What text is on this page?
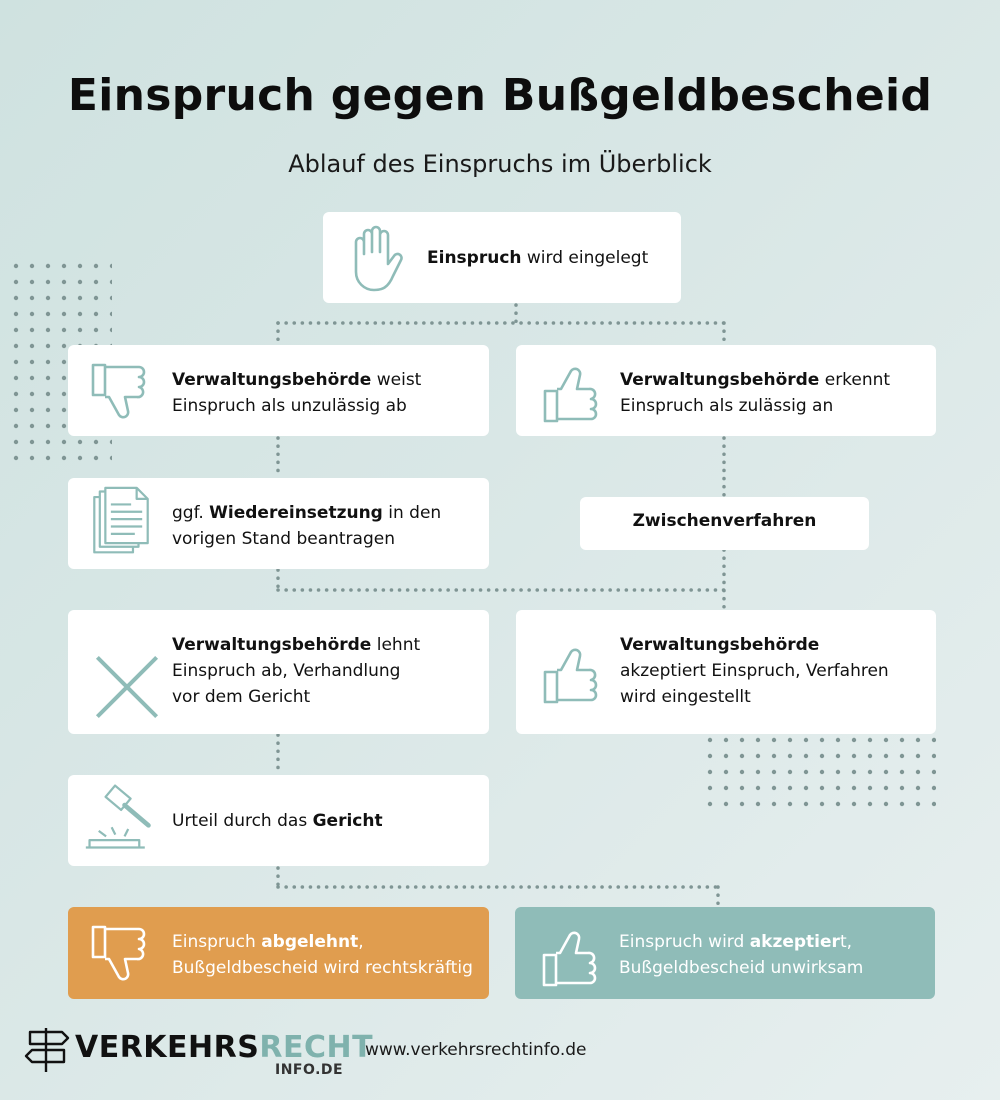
Einspruch gegen Bußgeldbescheid
Ablauf des Einspruchs im Überblick
Einspruch wird eingelegt
Verwaltungsbehörde weist Einspruch als unzulässig ab
Verwaltungsbehörde erkennt Einspruch als zulässig an
ggf. Wiedereinsetzung in den vorigen Stand beantragen
Zwischenverfahren
Verwaltungsbehörde lehnt Einspruch ab, Verhandlung vor dem Gericht
Verwaltungsbehörde akzeptiert Einspruch, Verfahren wird eingestellt
Urteil durch das Gericht
Einspruch abgelehnt, Bußgeldbescheid wird rechtskräftig
Einspruch wird akzeptiert, Bußgeldbescheid unwirksam
VERKEHRSRECHT
INFO.DE
www.verkehrsrechtinfo.de
